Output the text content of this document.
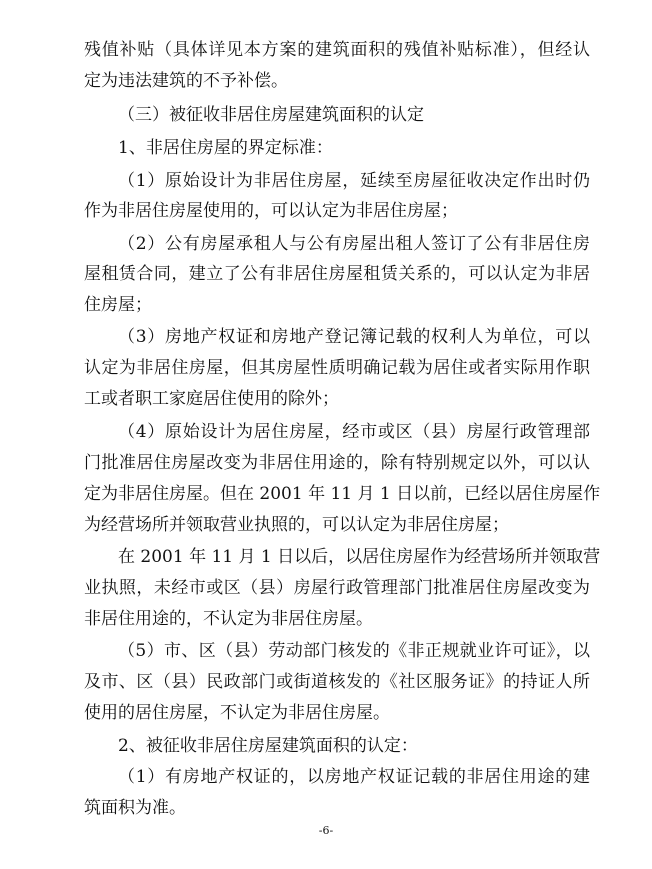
残值补贴（具体详见本方案的建筑面积的残值补贴标准），但经认
定为违法建筑的不予补偿。
（三）被征收非居住房屋建筑面积的认定
1、非居住房屋的界定标准：
（1）原始设计为非居住房屋，延续至房屋征收决定作出时仍
作为非居住房屋使用的，可以认定为非居住房屋；
（2）公有房屋承租人与公有房屋出租人签订了公有非居住房
屋租赁合同，建立了公有非居住房屋租赁关系的，可以认定为非居
住房屋；
（3）房地产权证和房地产登记簿记载的权利人为单位，可以
认定为非居住房屋，但其房屋性质明确记载为居住或者实际用作职
工或者职工家庭居住使用的除外；
（4）原始设计为居住房屋，经市或区（县）房屋行政管理部
门批准居住房屋改变为非居住用途的，除有特别规定以外，可以认
定为非居住房屋。但在 2001 年 11 月 1 日以前，已经以居住房屋作
为经营场所并领取营业执照的，可以认定为非居住房屋；
在 2001 年 11 月 1 日以后，以居住房屋作为经营场所并领取营
业执照，未经市或区（县）房屋行政管理部门批准居住房屋改变为
非居住用途的，不认定为非居住房屋。
（5）市、区（县）劳动部门核发的《非正规就业许可证》，以
及市、区（县）民政部门或街道核发的《社区服务证》的持证人所
使用的居住房屋，不认定为非居住房屋。
2、被征收非居住房屋建筑面积的认定：
（1）有房地产权证的，以房地产权证记载的非居住用途的建
筑面积为准。
-6-
